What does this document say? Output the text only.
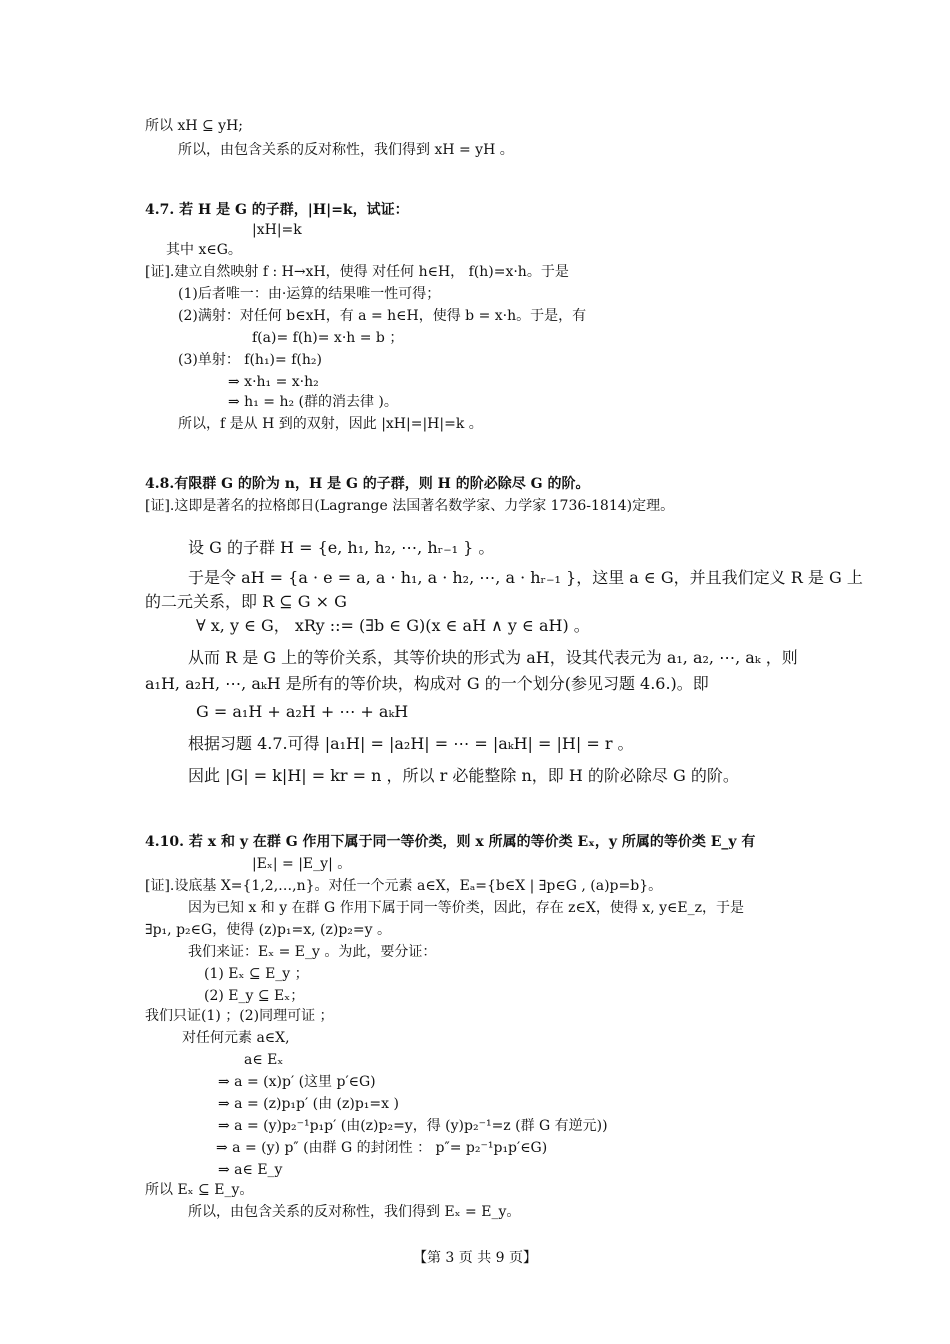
所以 xH ⊆ yH;
所以，由包含关系的反对称性，我们得到 xH = yH 。
4.7. 若 H 是 G 的子群，|H|=k，试证：
|xH|=k
其中 x∈G。
[证].建立自然映射 f : H→xH，使得 对任何 h∈H， f(h)=x·h。于是
(1)后者唯一：由·运算的结果唯一性可得；
(2)满射：对任何 b∈xH，有 a = h∈H，使得 b = x·h。于是，有
f(a)= f(h)= x·h = b ；
(3)单射： f(h₁)= f(h₂)
⇒ x·h₁ = x·h₂
⇒ h₁ = h₂ (群的消去律 )。
所以，f 是从 H 到的双射，因此 |xH|=|H|=k 。
4.8.有限群 G 的阶为 n，H 是 G 的子群，则 H 的阶必除尽 G 的阶。
[证].这即是著名的拉格郎日(Lagrange 法国著名数学家、力学家 1736-1814)定理。
设 G 的子群 H = {e, h₁, h₂, ⋯, hᵣ₋₁ } 。
于是令 aH = {a · e = a, a · h₁, a · h₂, ⋯, a · hᵣ₋₁ }，这里 a ∈ G，并且我们定义 R 是 G 上
的二元关系，即 R ⊆ G × G
∀ x, y ∈ G， xRy ::= (∃b ∈ G)(x ∈ aH ∧ y ∈ aH) 。
从而 R 是 G 上的等价关系，其等价块的形式为 aH，设其代表元为 a₁, a₂, ⋯, aₖ ，则
a₁H, a₂H, ⋯, aₖH 是所有的等价块，构成对 G 的一个划分(参见习题 4.6.)。即
G = a₁H + a₂H + ⋯ + aₖH
根据习题 4.7.可得 |a₁H| = |a₂H| = ⋯ = |aₖH| = |H| = r 。
因此 |G| = k|H| = kr = n ，所以 r 必能整除 n，即 H 的阶必除尽 G 的阶。
4.10. 若 x 和 y 在群 G 作用下属于同一等价类，则 x 所属的等价类 Eₓ，y 所属的等价类 E_y 有
|Eₓ| = |E_y| 。
[证].设底基 X={1,2,…,n}。对任一个元素 a∈X，Eₐ={b∈X | ∃p∈G , (a)p=b}。
因为已知 x 和 y 在群 G 作用下属于同一等价类，因此，存在 z∈X，使得 x, y∈E_z，于是
∃p₁, p₂∈G，使得 (z)p₁=x, (z)p₂=y 。
我们来证：Eₓ = E_y 。为此，要分证：
(1) Eₓ ⊆ E_y ；
(2) E_y ⊆ Eₓ；
我们只证(1) ；(2)同理可证 ；
对任何元素 a∈X,
a∈ Eₓ
⇒ a = (x)p′ (这里 p′∈G)
⇒ a = (z)p₁p′ (由 (z)p₁=x )
⇒ a = (y)p₂⁻¹p₁p′ (由(z)p₂=y，得 (y)p₂⁻¹=z (群 G 有逆元))
⇒ a = (y) p″ (由群 G 的封闭性 ： p″= p₂⁻¹p₁p′∈G)
⇒ a∈ E_y
所以 Eₓ ⊆ E_y。
所以，由包含关系的反对称性，我们得到 Eₓ = E_y。
【第 3 页 共 9 页】
